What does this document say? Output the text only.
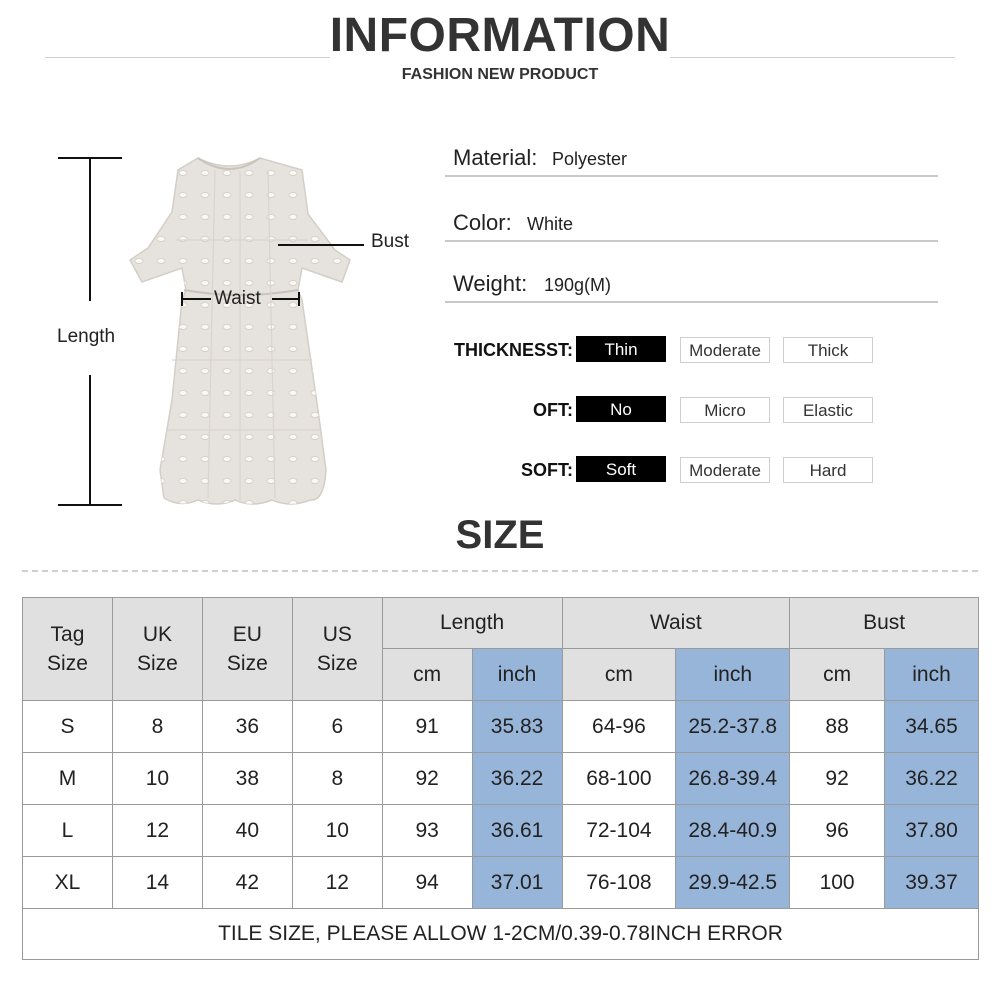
INFORMATION
FASHION NEW PRODUCT
Length
Waist
Bust
Material: Polyester
Color: White
Weight: 190g(M)
THICKNESST:	Thin	Moderate	Thick
OFT:	No	Micro	Elastic
SOFT:	Soft	Moderate	Hard
SIZE
Tag Size	UK Size	EU Size	US Size	Length		Waist		Bust	
				cm	inch	cm	inch	cm	inch
S	8	36	6	91	35.83	64-96	25.2-37.8	88	34.65
M	10	38	8	92	36.22	68-100	26.8-39.4	92	36.22
L	12	40	10	93	36.61	72-104	28.4-40.9	96	37.80
XL	14	42	12	94	37.01	76-108	29.9-42.5	100	39.37
TILE SIZE, PLEASE ALLOW 1-2CM/0.39-0.78INCH ERROR									
